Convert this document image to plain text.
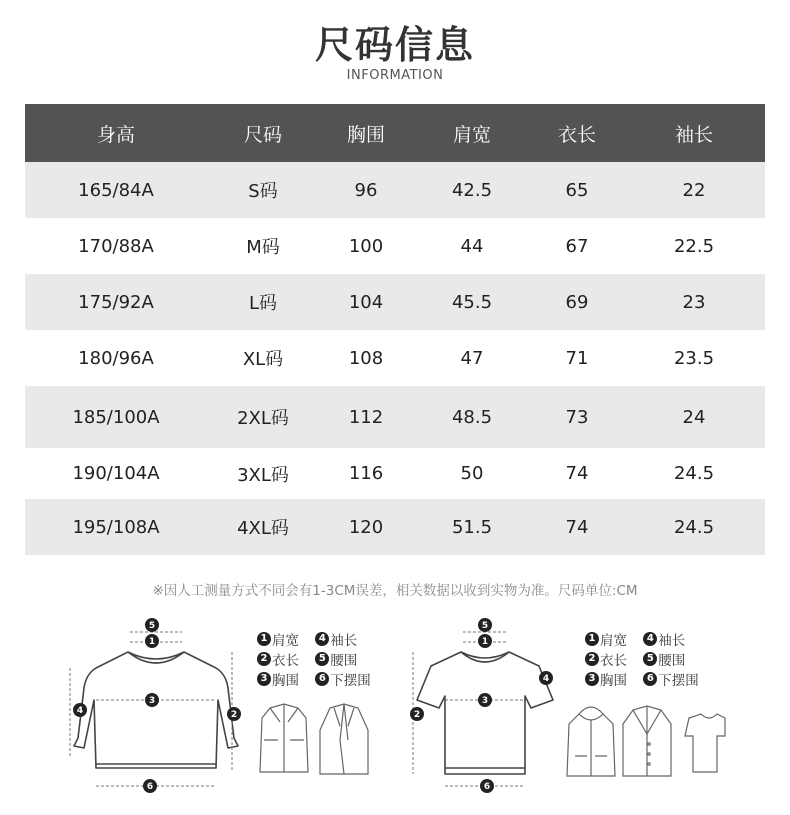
尺码信息
INFORMATION
身高	尺码	胸围	肩宽	衣长	袖长
165/84A	S码	96	42.5	65	22
170/88A	M码	100	44	67	22.5
175/92A	L码	104	45.5	69	23
180/96A	XL码	108	47	71	23.5
185/100A	2XL码	112	48.5	73	24
190/104A	3XL码	116	50	74	24.5
195/108A	4XL码	120	51.5	74	24.5
※因人工测量方式不同会有1-3CM误差，相关数据以收到实物为准。尺码单位:CM
5
1
3
4	2
6
1 肩宽 4 袖长
2 衣长 5 腰围
3 胸围 6 下摆围
5
1
3
2
4
6
1 肩宽 4 袖长
2 衣长 5 腰围
3 胸围 6 下摆围
